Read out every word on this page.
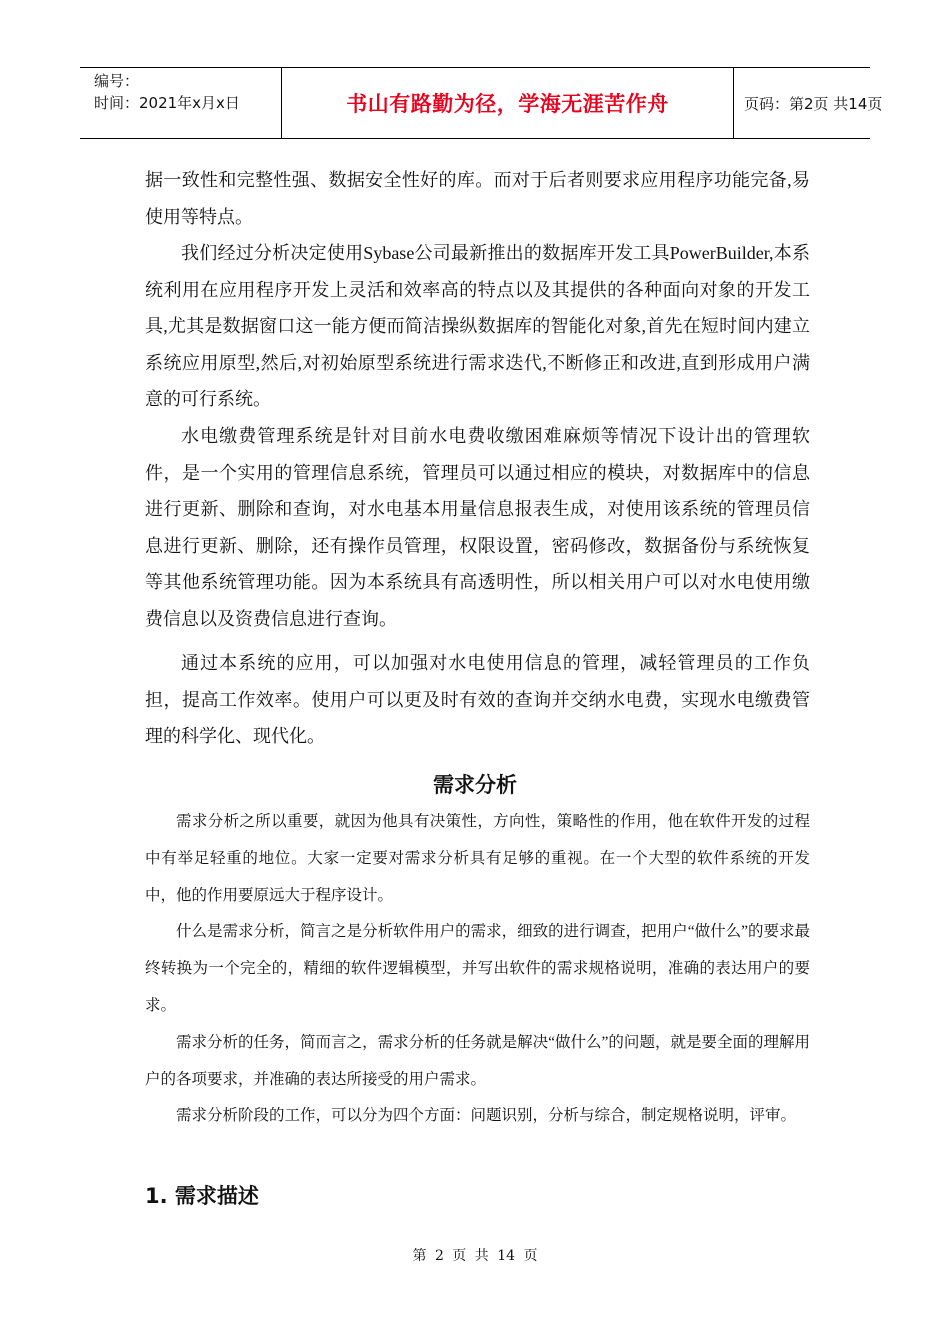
编号：
时间：2021年x月x日	书山有路勤为径，学海无涯苦作舟	页码：第2页 共14页

据一致性和完整性强、数据安全性好的库。而对于后者则要求应用程序功能完备,易使用等特点。

我们经过分析决定使用Sybase公司最新推出的数据库开发工具PowerBuilder,本系统利用在应用程序开发上灵活和效率高的特点以及其提供的各种面向对象的开发工具,尤其是数据窗口这一能方便而简洁操纵数据库的智能化对象,首先在短时间内建立系统应用原型,然后,对初始原型系统进行需求迭代,不断修正和改进,直到形成用户满意的可行系统。

水电缴费管理系统是针对目前水电费收缴困难麻烦等情况下设计出的管理软件，是一个实用的管理信息系统，管理员可以通过相应的模块，对数据库中的信息进行更新、删除和查询，对水电基本用量信息报表生成，对使用该系统的管理员信息进行更新、删除，还有操作员管理，权限设置，密码修改，数据备份与系统恢复等其他系统管理功能。因为本系统具有高透明性，所以相关用户可以对水电使用缴费信息以及资费信息进行查询。

通过本系统的应用，可以加强对水电使用信息的管理，减轻管理员的工作负担，提高工作效率。使用户可以更及时有效的查询并交纳水电费，实现水电缴费管理的科学化、现代化。

需求分析

需求分析之所以重要，就因为他具有决策性，方向性，策略性的作用，他在软件开发的过程中有举足轻重的地位。大家一定要对需求分析具有足够的重视。在一个大型的软件系统的开发中，他的作用要原远大于程序设计。

什么是需求分析，简言之是分析软件用户的需求，细致的进行调查，把用户“做什么”的要求最终转换为一个完全的，精细的软件逻辑模型，并写出软件的需求规格说明，准确的表达用户的要求。

需求分析的任务，简而言之，需求分析的任务就是解决“做什么”的问题，就是要全面的理解用户的各项要求，并准确的表达所接受的用户需求。

需求分析阶段的工作，可以分为四个方面：问题识别，分析与综合，制定规格说明，评审。

1. 需求描述
第 2 页 共 14 页
